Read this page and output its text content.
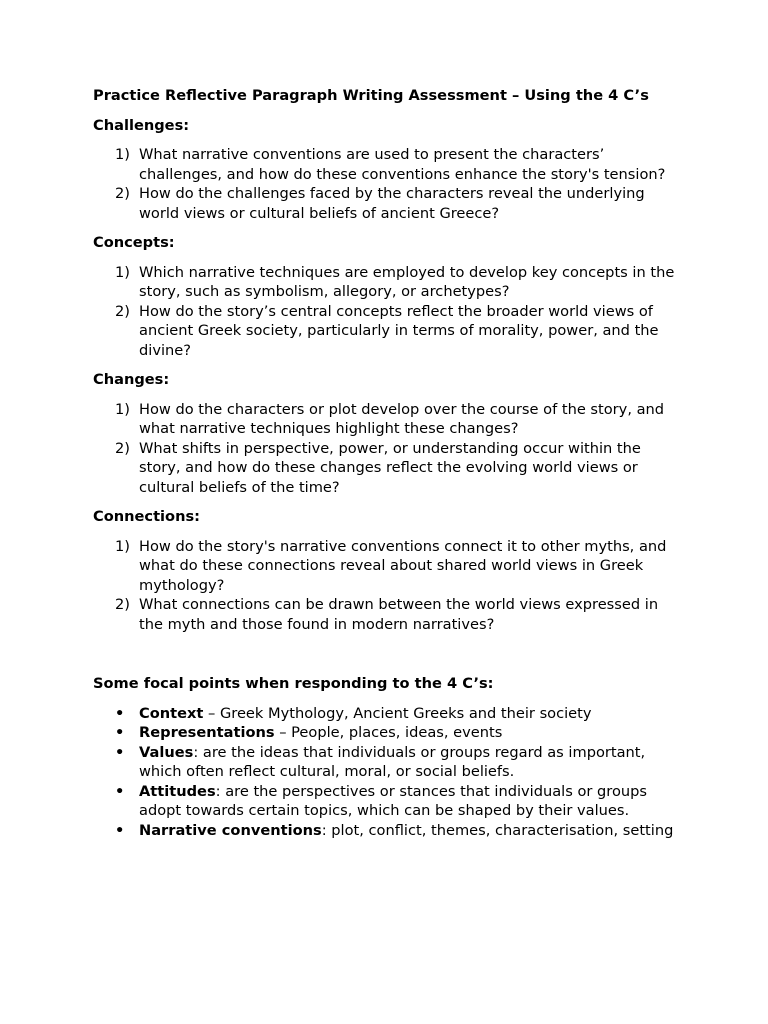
Practice Reflective Paragraph Writing Assessment – Using the 4 C’s
Challenges:
1) What narrative conventions are used to present the characters’ challenges, and how do these conventions enhance the story's tension?
2) How do the challenges faced by the characters reveal the underlying world views or cultural beliefs of ancient Greece?
Concepts:
1) Which narrative techniques are employed to develop key concepts in the story, such as symbolism, allegory, or archetypes?
2) How do the story’s central concepts reflect the broader world views of ancient Greek society, particularly in terms of morality, power, and the divine?
Changes:
1) How do the characters or plot develop over the course of the story, and what narrative techniques highlight these changes?
2) What shifts in perspective, power, or understanding occur within the story, and how do these changes reflect the evolving world views or cultural beliefs of the time?
Connections:
1) How do the story's narrative conventions connect it to other myths, and what do these connections reveal about shared world views in Greek mythology?
2) What connections can be drawn between the world views expressed in the myth and those found in modern narratives?
Some focal points when responding to the 4 C’s:
• Context – Greek Mythology, Ancient Greeks and their society
• Representations – People, places, ideas, events
• Values: are the ideas that individuals or groups regard as important, which often reflect cultural, moral, or social beliefs.
• Attitudes: are the perspectives or stances that individuals or groups adopt towards certain topics, which can be shaped by their values.
• Narrative conventions: plot, conflict, themes, characterisation, setting
